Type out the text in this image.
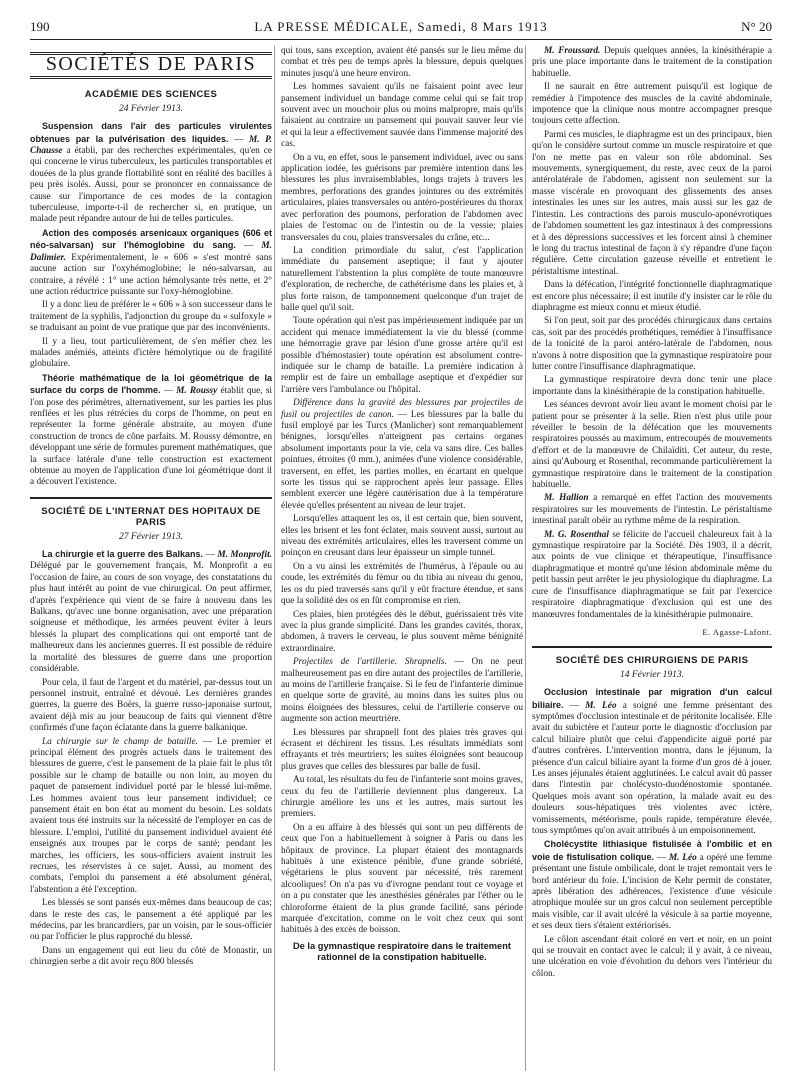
190	LA PRESSE MÉDICALE, Samedi, 8 Mars 1913	N° 20
SOCIÉTÉS DE PARIS
ACADÉMIE DES SCIENCES
24 Février 1913.

Suspension dans l'air des particules virulentes obtenues par la pulvérisation des liquides. — M. P. Chausse a établi, par des recherches expérimentales, qu'en ce qui concerne le virus tuberculeux, les particules transportables et douées de la plus grande flottabilité sont en réalité des bacilles à peu près isolés. Aussi, pour se prononcer en connaissance de cause sur l'importance de ces modes de la contagion tuberculeuse, importe-t-il de rechercher si, en pratique, un malade peut répandre autour de lui de telles particules.

Action des composés arsenicaux organiques (606 et néo-salvarsan) sur l'hémoglobine du sang. — M. Dalimier. Expérimentalement, le « 606 » s'est montré sans aucune action sur l'oxyhémoglobine; le néo-salvarsan, au contraire, a révélé : 1° une action hémolysante très nette, et 2° une action réductrice puissante sur l'oxy-hémoglobine.

Il y a donc lieu de préférer le « 606 » à son successeur dans le traitement de la syphilis, l'adjonction du groupe du « sulfoxyle » se traduisant au point de vue pratique que par des inconvénients.

Il y a lieu, tout particulièrement, de s'en méfier chez les malades anémiés, atteints d'ictère hémolytique ou de fragilité globulaire.

Théorie mathématique de la loi géométrique de la surface du corps de l'homme. — M. Roussy établit que, si l'on pose des périmètres, alternativement, sur les parties les plus renflées et les plus rétrécies du corps de l'homme, on peut en représenter la forme générale abstraite, au moyen d'une construction de troncs de cône parfaits. M. Roussy démontre, en développant une série de formules purement mathématiques, que la surface latérale d'une telle construction est exactement obtenue au moyen de l'application d'une loi géométrique dont il a découvert l'existence.

SOCIÉTÉ DE L'INTERNAT DES HOPITAUX DE PARIS
27 Février 1913.

La chirurgie et la guerre des Balkans. — M. Monprofit. Délégué par le gouvernement français, M. Monprofit a eu l'occasion de faire, au cours de son voyage, des constatations du plus haut intérêt au point de vue chirurgical. On peut affirmer, d'après l'expérience qui vient de se faire à nouveau dans les Balkans, qu'avec une bonne organisation, avec une préparation soigneuse et méthodique, les armées peuvent éviter à leurs blessés la plupart des complications qui ont emporté tant de malheureux dans les anciennes guerres. Il est possible de réduire la mortalité des blessures de guerre dans une proportion considérable.

Pour cela, il faut de l'argent et du matériel, par-dessus tout un personnel instruit, entraîné et dévoué. Les dernières grandes guerres, la guerre des Boërs, la guerre russo-japonaise surtout, avaient déjà mis au jour beaucoup de faits qui viennent d'être confirmés d'une façon éclatante dans la guerre balkanique.

La chirurgie sur le champ de bataille. — Le premier et principal élément des progrès actuels dans le traitement des blessures de guerre, c'est le pansement de la plaie fait le plus tôt possible sur le champ de bataille ou non loin, au moyen du paquet de pansement individuel porté par le blessé lui-même. Les hommes avaient tous leur pansement individuel; ce pansement était en bon état au moment du besoin. Les soldats avaient tous été instruits sur la nécessité de l'employer en cas de blessure. L'emploi, l'utilité du pansement individuel avaient été enseignés aux troupes par le corps de santé; pendant les marches, les officiers, les sous-officiers avaient instruit les recrues, les réservistes à ce sujet. Aussi, au moment des combats, l'emploi du pansement a été absolument général, l'abstention a été l'exception.

Les blessés se sont pansés eux-mêmes dans beaucoup de cas; dans le reste des cas, le pansement a été appliqué par les médecins, par les brancardiers, par un voisin, par le sous-officier ou par l'officier le plus rapproché du blessé.

Dans un engagement qui eut lieu du côté de Monastir, un chirurgien serbe a dit avoir reçu 800 blessés

qui tous, sans exception, avaient été pansés sur le lieu même du combat et très peu de temps après la blessure, depuis quelques minutes jusqu'à une heure environ.

Les hommes savaient qu'ils ne faisaient point avec leur pansement individuel un bandage comme celui qui se fait trop souvent avec un mouchoir plus ou moins malpropre, mais qu'ils faisaient au contraire un pansement qui pouvait sauver leur vie et qui la leur a effectivement sauvée dans l'immense majorité des cas.

On a vu, en effet, sous le pansement individuel, avec ou sans application iodée, les guérisons par première intention dans les blessures les plus invraisemblables, longs trajets à travers les membres, perforations des grandes jointures ou des extrémités articulaires, plaies transversales ou antéro-postérieures du thorax avec perforation des poumons, perforation de l'abdomen avec plaies de l'estomac ou de l'intestin ou de la vessie; plaies transversales du cou, plaies transversales du crâne, etc...

La condition primordiale du salut, c'est l'application immédiate du pansement aseptique; il faut y ajouter naturellement l'abstention la plus complète de toute manœuvre d'exploration, de recherche, de cathétérisme dans les plaies et, à plus forte raison, de tamponnement quelconque d'un trajet de balle quel qu'il soit.

Toute opération qui n'est pas impérieusement indiquée par un accident qui menace immédiatement la vie du blessé (comme une hémorragie grave par lésion d'une grosse artère qu'il est possible d'hémostasier) toute opération est absolument contre-indiquée sur le champ de bataille. La première indication à remplir est de faire un emballage aseptique et d'expédier sur l'arrière vers l'ambulance ou l'hôpital.

Différence dans la gravité des blessures par projectiles de fusil ou projectiles de canon. — Les blessures par la balle du fusil employé par les Turcs (Manlicher) sont remarquablement bénignes, lorsqu'elles n'atteignent pas certains organes absolument importants pour la vie, cela va sans dire. Ces balles pointues, étroites (0 mm.), animées d'une violence considérable, traversent, en effet, les parties molles, en écartant en quelque sorte les tissus qui se rapprochent après leur passage. Elles semblent exercer une légère cautérisation due à la température élevée qu'elles présentent au niveau de leur trajet.

Lorsqu'elles attaquent les os, il est certain que, bien souvent, elles les brisent et les font éclater, mais souvent aussi, surtout au niveau des extrémités articulaires, elles les traversent comme un poinçon en creusant dans leur épaisseur un simple tunnel.

On a vu ainsi les extrémités de l'humérus, à l'épaule ou au coude, les extrémités du fémur ou du tibia au niveau du genou, les os du pied traversés sans qu'il y eût fracture étendue, et sans que la solidité des os en fût compromise en rien.

Ces plaies, bien protégées dès le début, guérissaient très vite avec la plus grande simplicité. Dans les grandes cavités, thorax, abdomen, à travers le cerveau, le plus souvent même bénignité extraordinaire.

Projectiles de l'artillerie. Shrapnells. — On ne peut malheureusement pas en dire autant des projectiles de l'artillerie, au moins de l'artillerie française. Si le feu de l'infanterie diminue en quelque sorte de gravité, au moins dans les suites plus ou moins éloignées des blessures, celui de l'artillerie conserve ou augmente son action meurtrière.

Les blessures par shrapnell font des plaies très graves qui écrasent et déchirent les tissus. Les résultats immédiats sont effrayants et très meurtriers; les suites éloignées sont beaucoup plus graves que celles des blessures par balle de fusil.

Au total, les résultats du feu de l'infanterie sont moins graves, ceux du feu de l'artillerie deviennent plus dangereux. La chirurgie améliore les uns et les autres, mais surtout les premiers.

On a eu affaire à des blessés qui sont un peu différents de ceux que l'on a habituellement à soigner à Paris ou dans les hôpitaux de province. La plupart étaient des montagnards habitués à une existence pénible, d'une grande sobriété, végétariens le plus souvent par nécessité, très rarement alcooliques! On n'a pas vu d'ivrogne pendant tout ce voyage et on a pu constater que les anesthésies générales par l'éther ou le chloroforme étaient de la plus grande facilité, sans période marquée d'excitation, comme on le voit chez ceux qui sont habitués à des excès de boisson.

De la gymnastique respiratoire dans le traitement rationnel de la constipation habituelle.

M. Froussard. Depuis quelques années, la kinésithérapie a pris une place importante dans le traitement de la constipation habituelle.

Il ne saurait en être autrement puisqu'il est logique de remédier à l'impotence des muscles de la cavité abdominale, impotence que la clinique nous montre accompagner presque toujours cette affection.

Parmi ces muscles, le diaphragme est un des principaux, bien qu'on le considère surtout comme un muscle respiratoire et que l'on ne mette pas en valeur son rôle abdominal. Ses mouvements, synergiquement, du reste, avec ceux de la paroi antérolatérale de l'abdomen, agissent non seulement sur la masse viscérale en provoquant des glissements des anses intestinales les unes sur les autres, mais aussi sur les gaz de l'intestin. Les contractions des parois musculo-aponévrotiques de l'abdomen soumettent les gaz intestinaux à des compressions et à des dépressions successives et les forcent ainsi à cheminer le long du tractus intestinal de façon à s'y répandre d'une façon régulière. Cette circulation gazeuse réveille et entretient le péristaltisme intestinal.

Dans la défécation, l'intégrité fonctionnelle diaphragmatique est encore plus nécessaire; il est inutile d'y insister car le rôle du diaphragme est mieux connu et mieux étudié.

Si l'on peut, soit par des procédés chirurgicaux dans certains cas, soit par des procédés prothétiques, remédier à l'insuffisance de la tonicité de la paroi antéro-latérale de l'abdomen, nous n'avons à notre disposition que la gymnastique respiratoire pour lutter contre l'insuffisance diaphragmatique.

La gymnastique respiratoire devra donc tenir une place importante dans la kinésithérapie de la constipation habituelle.

Les séances devront avoir lieu avant le moment choisi par le patient pour se présenter à la selle. Rien n'est plus utile pour réveiller le besoin de la défécation que les mouvements respiratoires poussés au maximum, entrecoupés de mouvements d'effort et de la manœuvre de Chilaïditi. Cet auteur, du reste, ainsi qu'Aubourg et Rosenthal, recommande particulièrement la gymnastique respiratoire dans le traitement de la constipation habituelle.

M. Hallion a remarqué en effet l'action des mouvements respiratoires sur les mouvements de l'intestin. Le péristaltisme intestinal paraît obéir au rythme même de la respiration.

M. G. Rosenthal se félicite de l'accueil chaleureux fait à la gymnastique respiratoire par la Société. Dès 1903, il a décrit, aux points de vue clinique et thérapeutique, l'insuffisance diaphragmatique et montré qu'une lésion abdominale même du petit bassin peut arrêter le jeu physiologique du diaphragme. La cure de l'insuffisance diaphragmatique se fait par l'exercice respiratoire diaphragmatique d'exclusion qui est une des manœuvres fondamentales de la kinésithérapie pulmonaire.

E. Agasse-Lafont.
SOCIÉTÉ DES CHIRURGIENS DE PARIS
14 Février 1913.

Occlusion intestinale par migration d'un calcul biliaire. — M. Léo a soigné une femme présentant des symptômes d'occlusion intestinale et de péritonite localisée. Elle avait du subictère et l'auteur porte le diagnostic d'occlusion par calcul biliaire plutôt que celui d'appendicite aiguë porté par d'autres confrères. L'intervention montra, dans le jéjunum, la présence d'un calcul biliaire ayant la forme d'un gros dé à jouer. Les anses jéjunales étaient agglutinées. Le calcul avait dû passer dans l'intestin par cholécysto-duodénostomie spontanée. Quelques mois avant son opération, la malade avait eu des douleurs sous-hépatiques très violentes avec ictère, vomissements, météorisme, pouls rapide, température élevée, tous symptômes qu'on avait attribués à un empoisonnement.

Cholécystite lithiasique fistulisée à l'ombilic et en voie de fistulisation colique. — M. Léo a opéré une femme présentant une fistule ombilicale, dont le trajet remontait vers le bord antérieur du foie. L'incision de Kehr permit de constater, après libération des adhérences, l'existence d'une vésicule atrophique moulée sur un gros calcul non seulement perceptible mais visible, car il avait ulcéré la vésicule à sa partie moyenne, et ses deux tiers s'étaient extériorisés.

Le côlon ascendant était coloré en vert et noir, en un point qui se trouvait en contact avec le calcul; il y avait, à ce niveau, une ulcération en voie d'évolution du dehors vers l'intérieur du côlon.
